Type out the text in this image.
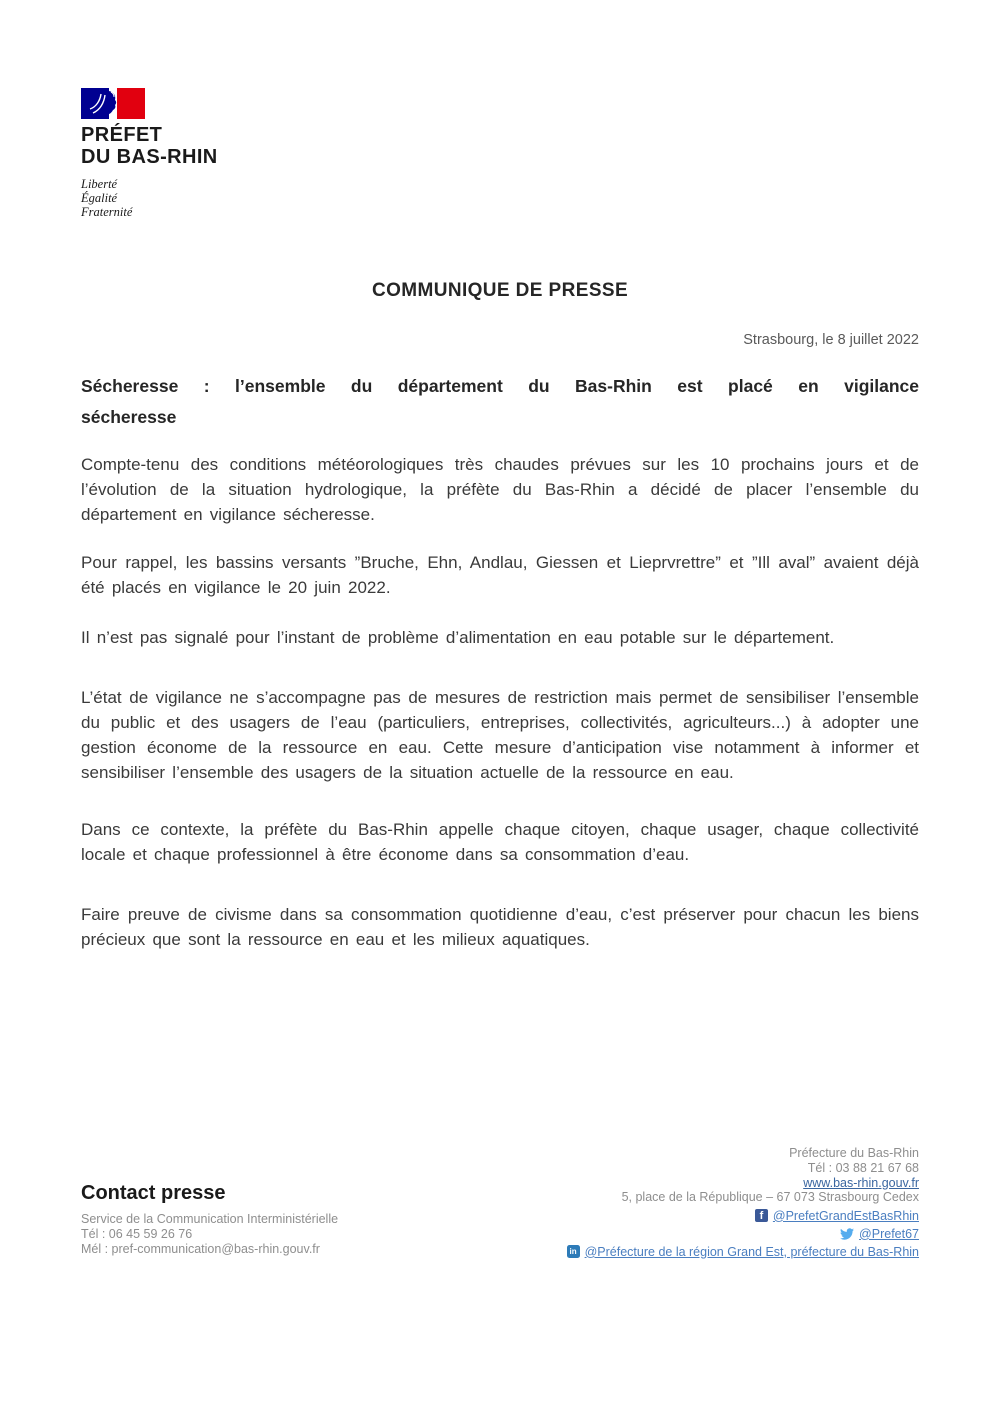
PRÉFET
DU BAS-RHIN
Liberté
Égalité
Fraternité
COMMUNIQUE DE PRESSE
Strasbourg, le 8 juillet 2022
Sécheresse : l’ensemble du département du Bas-Rhin est placé en vigilance
sécheresse

Compte-tenu des conditions météorologiques très chaudes prévues sur les 10 prochains jours et de l’évolution de la situation hydrologique, la préfète du Bas-Rhin a décidé de placer l’ensemble du département en vigilance sécheresse.

Pour rappel, les bassins versants ”Bruche, Ehn, Andlau, Giessen et Lieprvrettre” et ”Ill aval” avaient déjà été placés en vigilance le 20 juin 2022.

Il n’est pas signalé pour l’instant de problème d’alimentation en eau potable sur le département.

L’état de vigilance ne s’accompagne pas de mesures de restriction mais permet de sensibiliser l’ensemble du public et des usagers de l’eau (particuliers, entreprises, collectivités, agriculteurs...) à adopter une gestion économe de la ressource en eau. Cette mesure d’anticipation vise notamment à informer et sensibiliser l’ensemble des usagers de la situation actuelle de la ressource en eau.

Dans ce contexte, la préfète du Bas-Rhin appelle chaque citoyen, chaque usager, chaque collectivité locale et chaque professionnel à être économe dans sa consommation d’eau.

Faire preuve de civisme dans sa consommation quotidienne d’eau, c’est préserver pour chacun les biens précieux que sont la ressource en eau et les milieux aquatiques.

Contact presse
Service de la Communication Interministérielle
Tél : 06 45 59 26 76
Mél : pref-communication@bas-rhin.gouv.fr
Préfecture du Bas-Rhin
Tél : 03 88 21 67 68
www.bas-rhin.gouv.fr
5, place de la République – 67 073 Strasbourg Cedex
f @PrefetGrandEstBasRhin
@Prefet67
in @Préfecture de la région Grand Est, préfecture du Bas-Rhin
